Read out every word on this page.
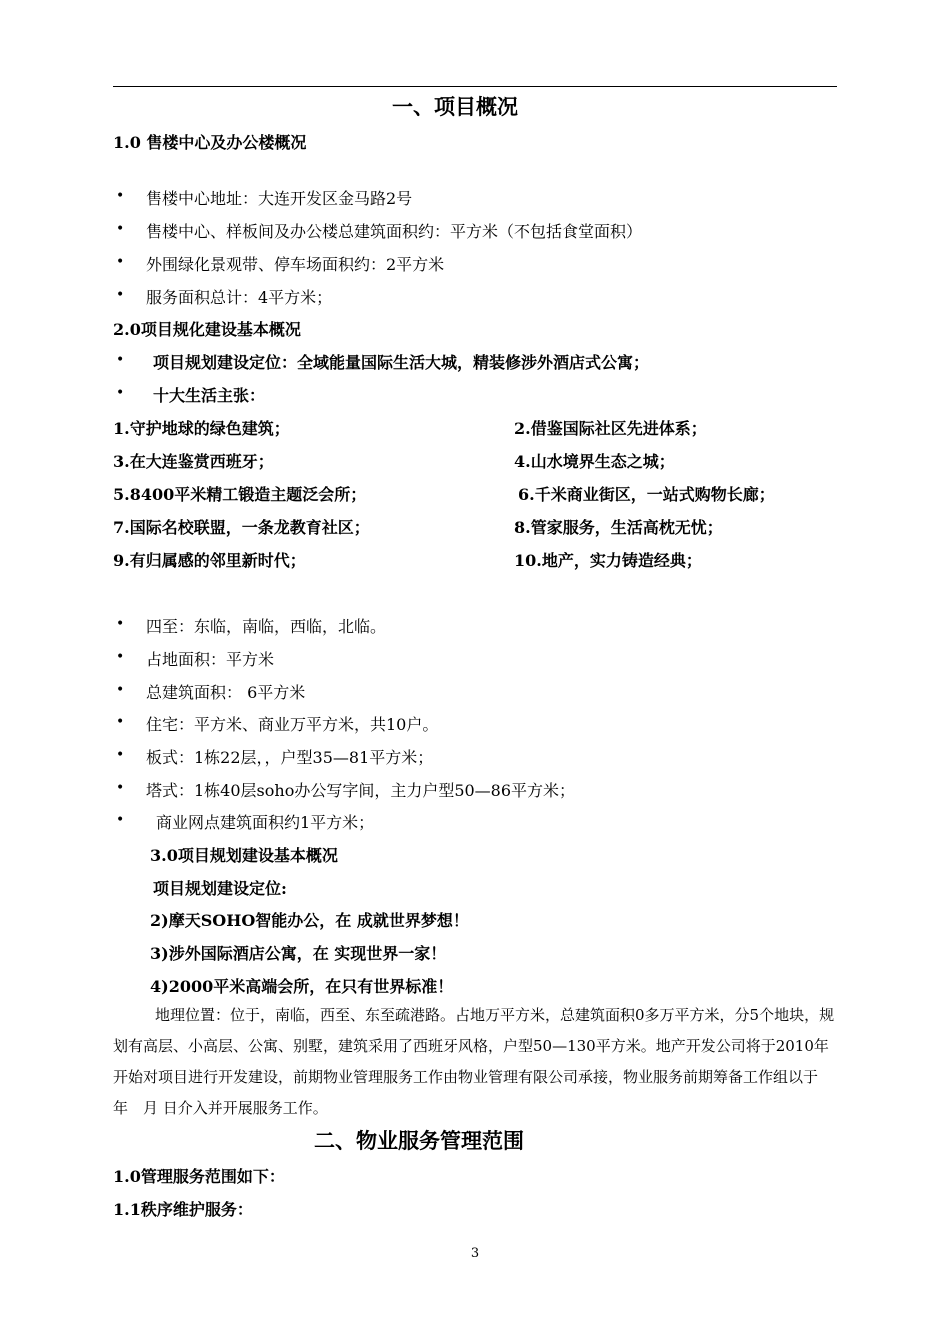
一、项目概况
1.0 售楼中心及办公楼概况
• 售楼中心地址：大连开发区金马路2号
• 售楼中心、样板间及办公楼总建筑面积约：平方米（不包括食堂面积）
• 外围绿化景观带、停车场面积约：2平方米
• 服务面积总计：4平方米；
2.0项目规化建设基本概况
• 项目规划建设定位：全域能量国际生活大城，精装修涉外酒店式公寓；
• 十大生活主张：
1.守护地球的绿色建筑；	2.借鉴国际社区先进体系；
3.在大连鉴赏西班牙；	4.山水境界生态之城；
5.8400平米精工锻造主题泛会所；	6.千米商业街区，一站式购物长廊；
7.国际名校联盟，一条龙教育社区；	8.管家服务，生活高枕无忧；
9.有归属感的邻里新时代；	10.地产，实力铸造经典；
• 四至：东临，南临，西临，北临。
• 占地面积：平方米
• 总建筑面积： 6平方米
• 住宅：平方米、商业万平方米，共10户。
• 板式：1栋22层，，户型35—81平方米；
• 塔式：1栋40层soho办公写字间，主力户型50—86平方米；
• 商业网点建筑面积约1平方米；
3.0项目规划建设基本概况
项目规划建设定位:
2)摩天SOHO智能办公，在 成就世界梦想！
3)涉外国际酒店公寓，在 实现世界一家！
4)2000平米高端会所，在只有世界标准！
地理位置：位于，南临，西至、东至疏港路。占地万平方米，总建筑面积0多万平方米，分5个地块，规划有高层、小高层、公寓、别墅，建筑采用了西班牙风格，户型50—130平方米。地产开发公司将于2010年开始对项目进行开发建设，前期物业管理服务工作由物业管理有限公司承接，物业服务前期筹备工作组以于　年　月 日介入并开展服务工作。
二、物业服务管理范围
1.0管理服务范围如下：
1.1秩序维护服务：
3
